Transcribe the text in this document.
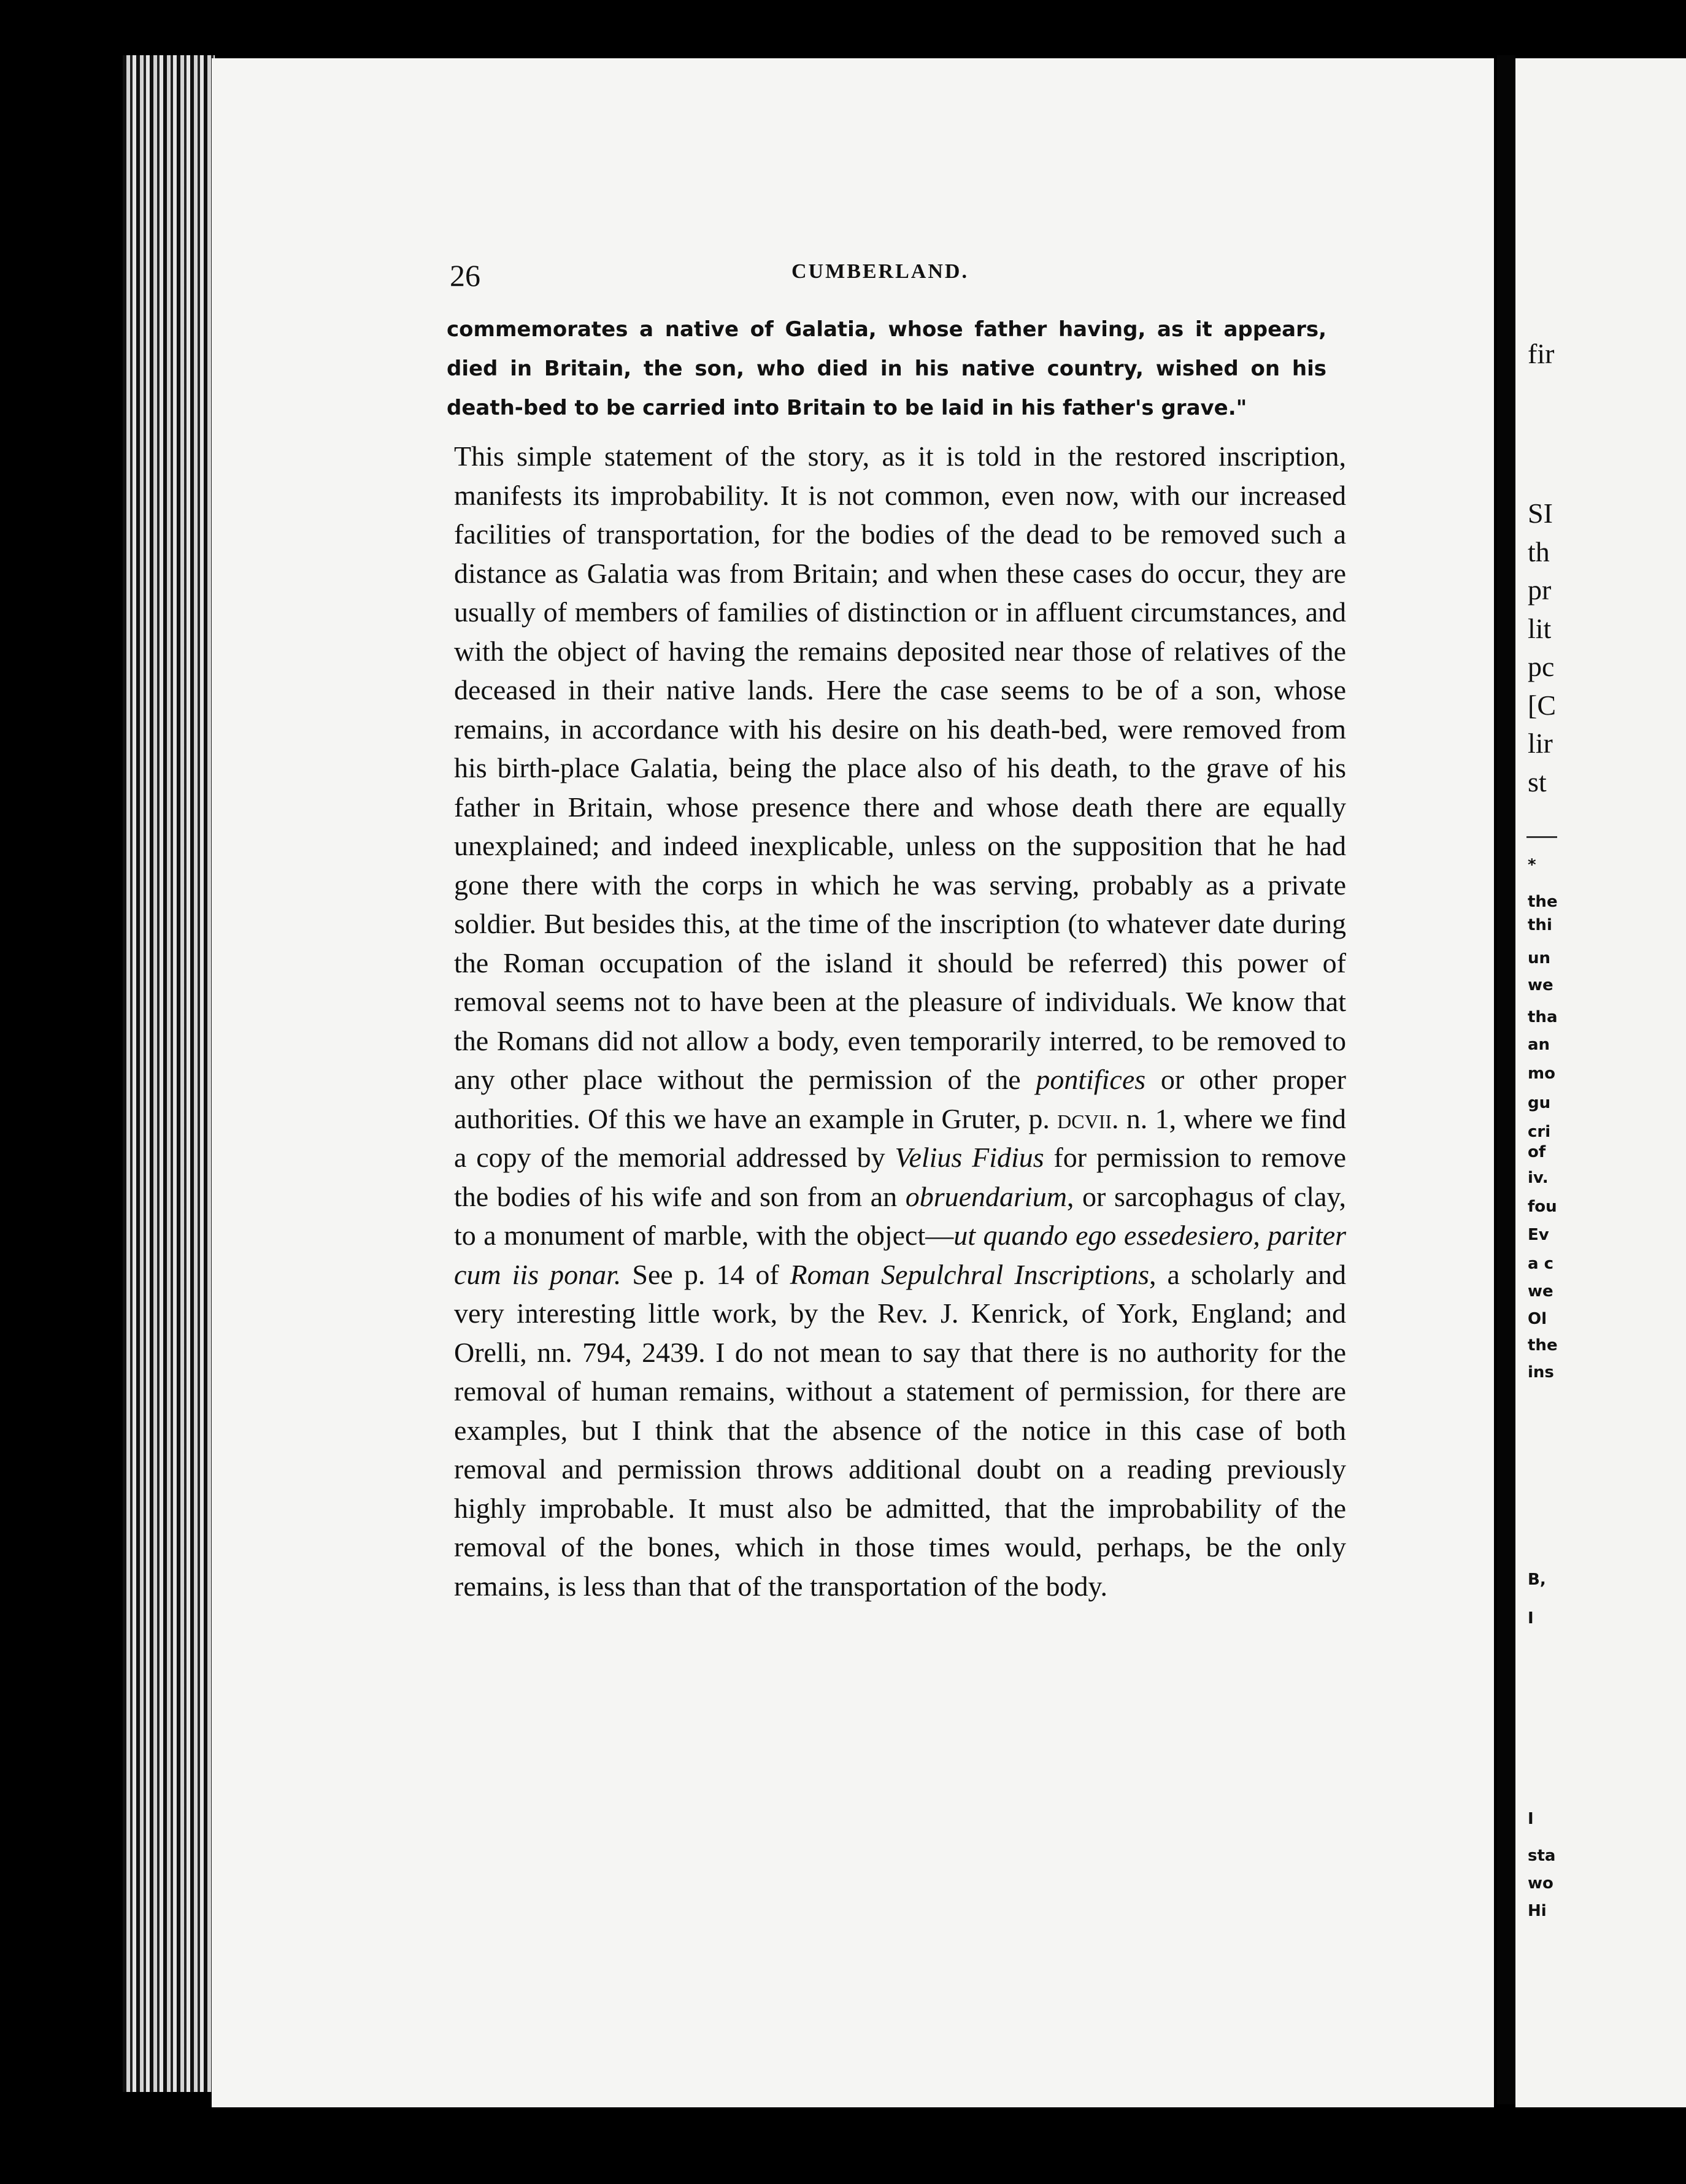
fir
SI
th
pr
lit
pc
[C
lir
st
*
the
thi
un
we
tha
an
mo
gu
cri
of
iv.
fou
Ev
a c
we
Ol
the
ins
B,
I
I
sta
wo
Hi
26	CUMBERLAND.
commemorates a native of Galatia, whose father having, as it appears, died in Britain, the son, who died in his native country, wished on his death-bed to be carried into Britain to be laid in his father's grave."
This simple statement of the story, as it is told in the restored inscription, manifests its improbability. It is not common, even now, with our increased facilities of transportation, for the bodies of the dead to be removed such a distance as Galatia was from Britain; and when these cases do occur, they are usually of members of families of distinction or in affluent circumstances, and with the object of having the remains deposited near those of relatives of the deceased in their native lands. Here the case seems to be of a son, whose remains, in accordance with his desire on his death-bed, were removed from his birth-place Galatia, being the place also of his death, to the grave of his father in Britain, whose presence there and whose death there are equally unexplained; and indeed inexplicable, unless on the supposition that he had gone there with the corps in which he was serving, probably as a private soldier. But besides this, at the time of the inscription (to whatever date during the Roman occupation of the island it should be referred) this power of removal seems not to have been at the pleasure of individuals. We know that the Romans did not allow a body, even temporarily interred, to be removed to any other place without the permission of the pontifices or other proper authorities. Of this we have an example in Gruter, p. dcvii. n. 1, where we find a copy of the memorial addressed by Velius Fidius for permission to remove the bodies of his wife and son from an obruendarium, or sarcophagus of clay, to a monument of marble, with the object—ut quando ego essedesiero, pariter cum iis ponar. See p. 14 of Roman Sepulchral Inscriptions, a scholarly and very interesting little work, by the Rev. J. Kenrick, of York, England; and Orelli, nn. 794, 2439. I do not mean to say that there is no authority for the removal of human remains, without a statement of permission, for there are examples, but I think that the absence of the notice in this case of both removal and permission throws additional doubt on a reading previously highly improbable. It must also be admitted, that the improbability of the removal of the bones, which in those times would, perhaps, be the only remains, is less than that of the transportation of the body.
